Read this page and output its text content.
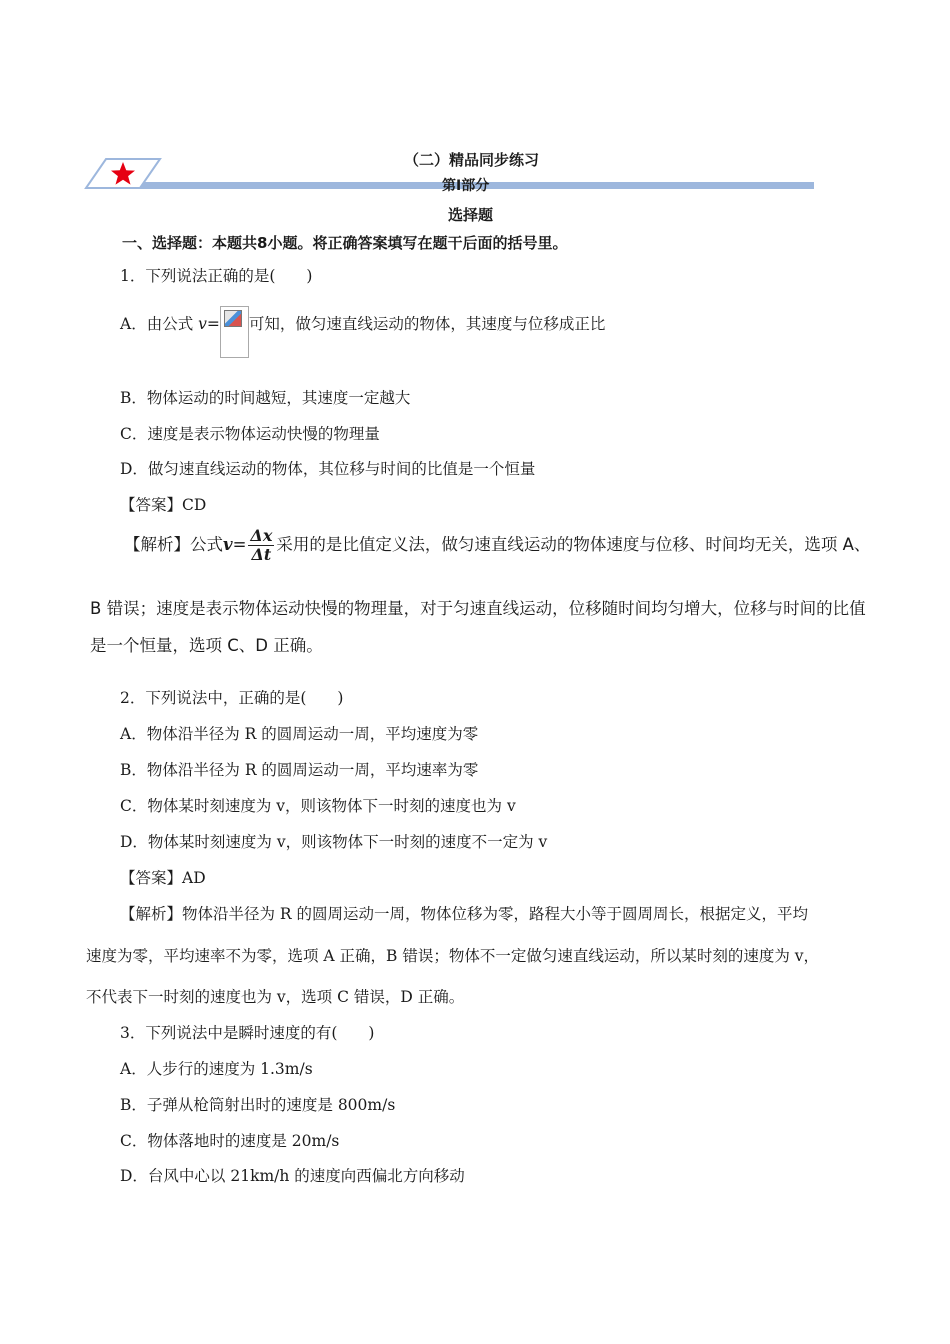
（二）精品同步练习
选择题
一、选择题：本题共8小题。将正确答案填写在题干后面的括号里。
1．下列说法正确的是(　　)
A．由公式 v= 可知，做匀速直线运动的物体，其速度与位移成正比
B．物体运动的时间越短，其速度一定越大
C．速度是表示物体运动快慢的物理量
D．做匀速直线运动的物体，其位移与时间的比值是一个恒量
【答案】CD
【解析】公式$v= \frac{\Delta x}{\Delta t}$ 采用的是比值定义法，做匀速直线运动的物体速度与位移、时间均无关，选项 A、
B 错误；速度是表示物体运动快慢的物理量，对于匀速直线运动，位移随时间均匀增大，位移与时间的比值
是一个恒量，选项 C、D 正确。
2．下列说法中，正确的是(　　)
A．物体沿半径为 R 的圆周运动一周，平均速度为零
B．物体沿半径为 R 的圆周运动一周，平均速率为零
C．物体某时刻速度为 v，则该物体下一时刻的速度也为 v
D．物体某时刻速度为 v，则该物体下一时刻的速度不一定为 v
【答案】AD
【解析】物体沿半径为 R 的圆周运动一周，物体位移为零，路程大小等于圆周周长，根据定义，平均
速度为零，平均速率不为零，选项 A 正确，B 错误；物体不一定做匀速直线运动，所以某时刻的速度为 v，
不代表下一时刻的速度也为 v，选项 C 错误，D 正确。
3．下列说法中是瞬时速度的有(　　)
A．人步行的速度为 1.3m/s
B．子弹从枪筒射出时的速度是 800m/s
C．物体落地时的速度是 20m/s
D．台风中心以 21km/h 的速度向西偏北方向移动
